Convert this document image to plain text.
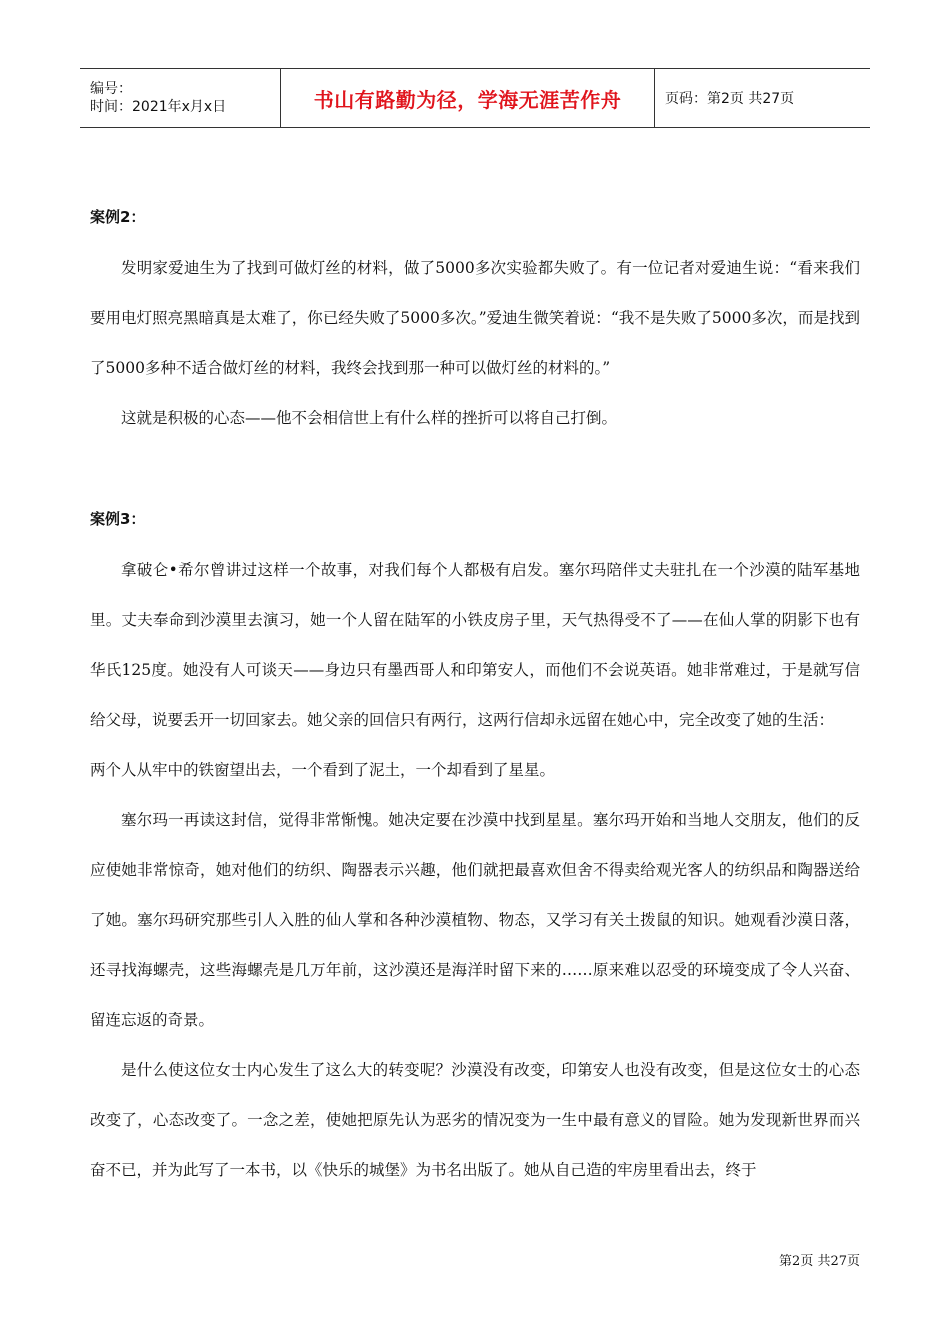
编号：
时间：2021年x月x日	书山有路勤为径，学海无涯苦作舟	页码：第2页 共27页
案例2：

发明家爱迪生为了找到可做灯丝的材料，做了5000多次实验都失败了。有一位记者对爱迪生说：“看来我们要用电灯照亮黑暗真是太难了，你已经失败了5000多次。”爱迪生微笑着说：“我不是失败了5000多次，而是找到了5000多种不适合做灯丝的材料，我终会找到那一种可以做灯丝的材料的。”

这就是积极的心态——他不会相信世上有什么样的挫折可以将自己打倒。

案例3：

拿破仑•希尔曾讲过这样一个故事，对我们每个人都极有启发。塞尔玛陪伴丈夫驻扎在一个沙漠的陆军基地里。丈夫奉命到沙漠里去演习，她一个人留在陆军的小铁皮房子里，天气热得受不了——在仙人掌的阴影下也有华氏125度。她没有人可谈天——身边只有墨西哥人和印第安人，而他们不会说英语。她非常难过，于是就写信给父母，说要丢开一切回家去。她父亲的回信只有两行，这两行信却永远留在她心中，完全改变了她的生活：

两个人从牢中的铁窗望出去，一个看到了泥土，一个却看到了星星。

塞尔玛一再读这封信，觉得非常惭愧。她决定要在沙漠中找到星星。塞尔玛开始和当地人交朋友，他们的反应使她非常惊奇，她对他们的纺织、陶器表示兴趣，他们就把最喜欢但舍不得卖给观光客人的纺织品和陶器送给了她。塞尔玛研究那些引人入胜的仙人掌和各种沙漠植物、物态，又学习有关土拨鼠的知识。她观看沙漠日落，还寻找海螺壳，这些海螺壳是几万年前，这沙漠还是海洋时留下来的……原来难以忍受的环境变成了令人兴奋、留连忘返的奇景。

是什么使这位女士内心发生了这么大的转变呢？沙漠没有改变，印第安人也没有改变，但是这位女士的心态改变了，心态改变了。一念之差，使她把原先认为恶劣的情况变为一生中最有意义的冒险。她为发现新世界而兴奋不已，并为此写了一本书，以《快乐的城堡》为书名出版了。她从自己造的牢房里看出去，终于

第2页 共27页
